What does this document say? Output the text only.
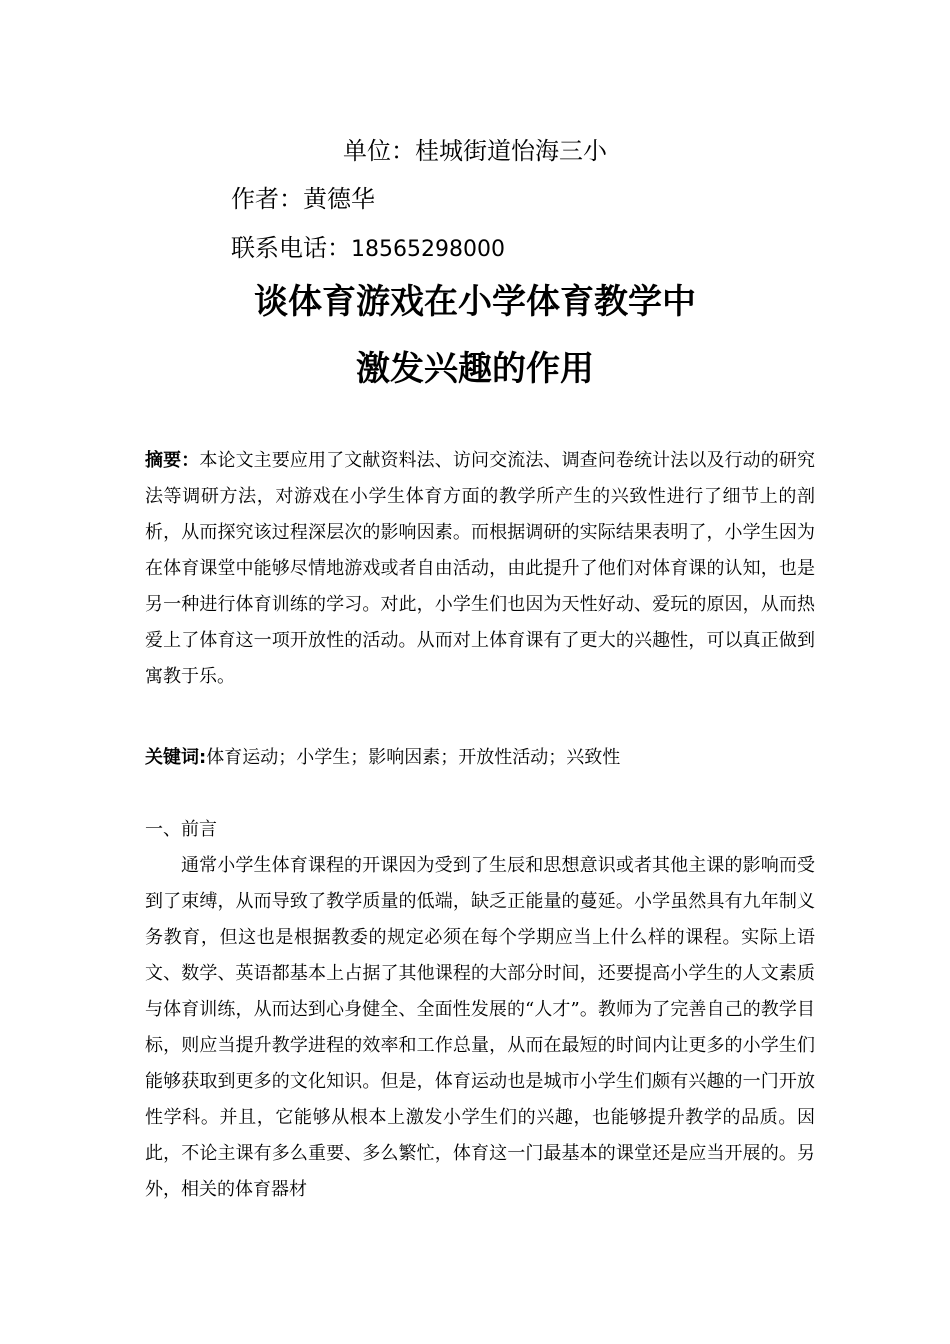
单位：桂城街道怡海三小
作者：黄德华
联系电话：18565298000
谈体育游戏在小学体育教学中
激发兴趣的作用
摘要：本论文主要应用了文献资料法、访问交流法、调查问卷统计法以及行动的研究法等调研方法，对游戏在小学生体育方面的教学所产生的兴致性进行了细节上的剖析，从而探究该过程深层次的影响因素。而根据调研的实际结果表明了，小学生因为在体育课堂中能够尽情地游戏或者自由活动，由此提升了他们对体育课的认知，也是另一种进行体育训练的学习。对此，小学生们也因为天性好动、爱玩的原因，从而热爱上了体育这一项开放性的活动。从而对上体育课有了更大的兴趣性，可以真正做到寓教于乐。
关键词:体育运动；小学生；影响因素；开放性活动；兴致性
一、前言
通常小学生体育课程的开课因为受到了生辰和思想意识或者其他主课的影响而受到了束缚，从而导致了教学质量的低端，缺乏正能量的蔓延。小学虽然具有九年制义务教育，但这也是根据教委的规定必须在每个学期应当上什么样的课程。实际上语文、数学、英语都基本上占据了其他课程的大部分时间，还要提高小学生的人文素质与体育训练，从而达到心身健全、全面性发展的“人才”。教师为了完善自己的教学目标，则应当提升教学进程的效率和工作总量，从而在最短的时间内让更多的小学生们能够获取到更多的文化知识。但是，体育运动也是城市小学生们颇有兴趣的一门开放性学科。并且，它能够从根本上激发小学生们的兴趣，也能够提升教学的品质。因此，不论主课有多么重要、多么繁忙，体育这一门最基本的课堂还是应当开展的。另外，相关的体育器材
